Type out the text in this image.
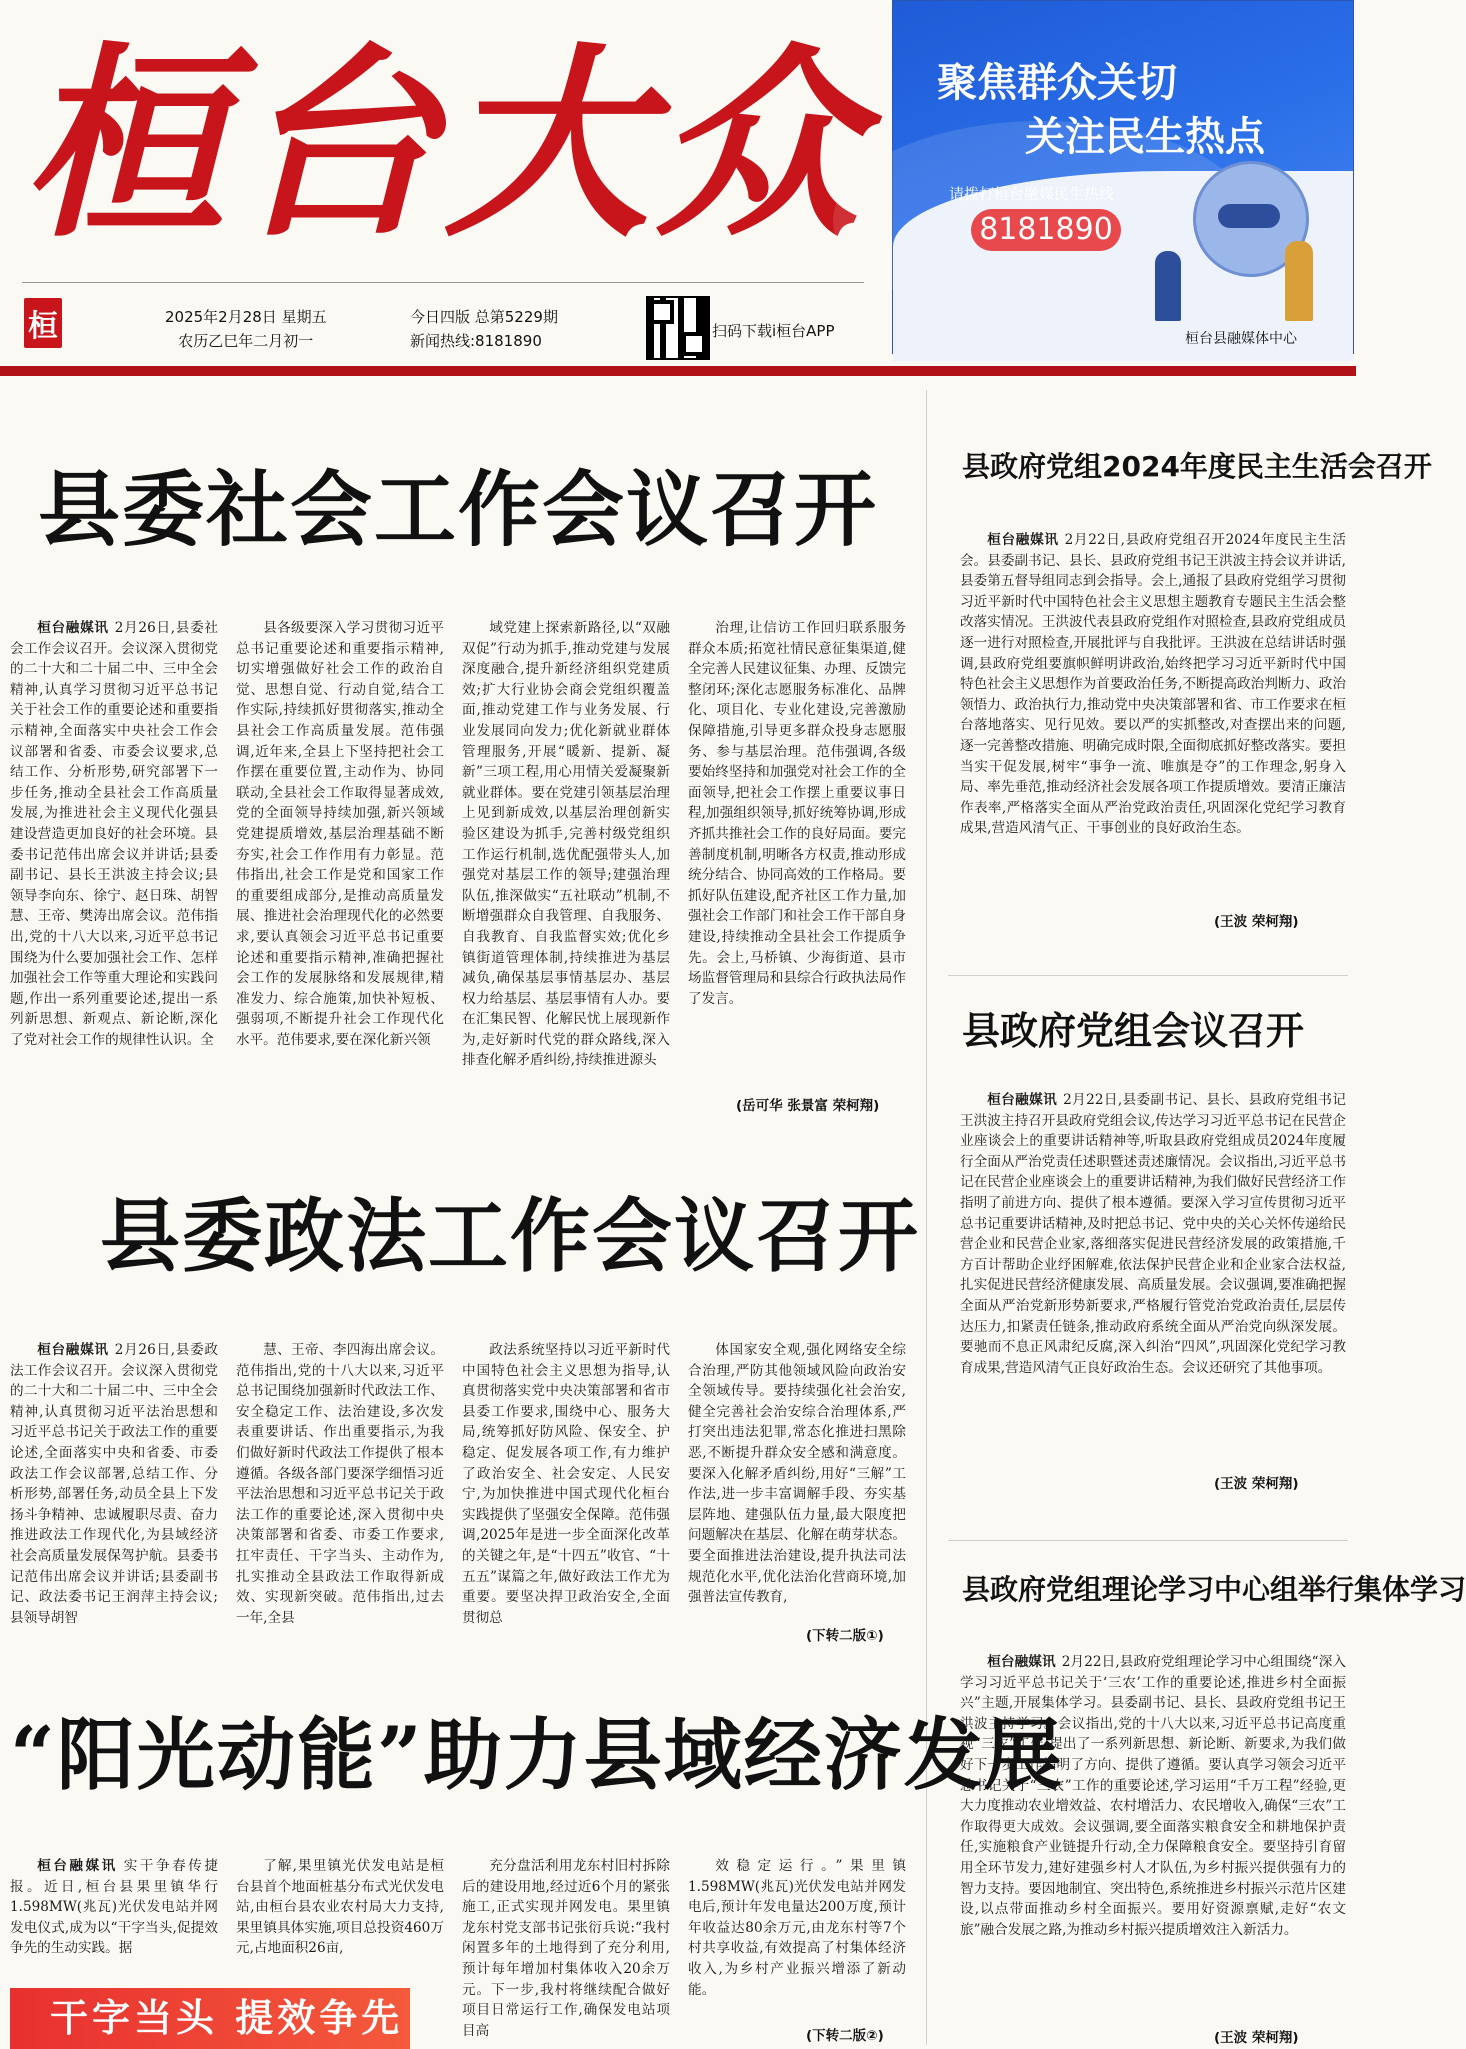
桓台大众
桓	2025年2月28日 星期五
农历乙巳年二月初一
今日四版 总第5229期
新闻热线:8181890
扫码下载i桓台APP
聚焦群众关切
关注民生热点
请拨打桓台融媒民生热线
8181890
桓台县融媒体中心
县委社会工作会议召开
桓台融媒讯 2月26日,县委社会工作会议召开。会议深入贯彻党的二十大和二十届二中、三中全会精神,认真学习贯彻习近平总书记关于社会工作的重要论述和重要指示精神,全面落实中央社会工作会议部署和省委、市委会议要求,总结工作、分析形势,研究部署下一步任务,推动全县社会工作高质量发展,为推进社会主义现代化强县建设营造更加良好的社会环境。县委书记范伟出席会议并讲话;县委副书记、县长王洪波主持会议;县领导李向东、徐宁、赵日珠、胡智慧、王帝、樊涛出席会议。范伟指出,党的十八大以来,习近平总书记围绕为什么要加强社会工作、怎样加强社会工作等重大理论和实践问题,作出一系列重要论述,提出一系列新思想、新观点、新论断,深化了党对社会工作的规律性认识。全
县各级要深入学习贯彻习近平总书记重要论述和重要指示精神,切实增强做好社会工作的政治自觉、思想自觉、行动自觉,结合工作实际,持续抓好贯彻落实,推动全县社会工作高质量发展。范伟强调,近年来,全县上下坚持把社会工作摆在重要位置,主动作为、协同联动,全县社会工作取得显著成效,党的全面领导持续加强,新兴领域党建提质增效,基层治理基础不断夯实,社会工作作用有力彰显。范伟指出,社会工作是党和国家工作的重要组成部分,是推动高质量发展、推进社会治理现代化的必然要求,要认真领会习近平总书记重要论述和重要指示精神,准确把握社会工作的发展脉络和发展规律,精准发力、综合施策,加快补短板、强弱项,不断提升社会工作现代化水平。范伟要求,要在深化新兴领
域党建上探索新路径,以“双融双促”行动为抓手,推动党建与发展深度融合,提升新经济组织党建质效;扩大行业协会商会党组织覆盖面,推动党建工作与业务发展、行业发展同向发力;优化新就业群体管理服务,开展“暖新、提新、凝新”三项工程,用心用情关爱凝聚新就业群体。要在党建引领基层治理上见到新成效,以基层治理创新实验区建设为抓手,完善村级党组织工作运行机制,选优配强带头人,加强党对基层工作的领导;建强治理队伍,推深做实“五社联动”机制,不断增强群众自我管理、自我服务、自我教育、自我监督实效;优化乡镇街道管理体制,持续推进为基层减负,确保基层事情基层办、基层权力给基层、基层事情有人办。要在汇集民智、化解民忧上展现新作为,走好新时代党的群众路线,深入排查化解矛盾纠纷,持续推进源头
治理,让信访工作回归联系服务群众本质;拓宽社情民意征集渠道,健全完善人民建议征集、办理、反馈完整闭环;深化志愿服务标准化、品牌化、项目化、专业化建设,完善激励保障措施,引导更多群众投身志愿服务、参与基层治理。范伟强调,各级要始终坚持和加强党对社会工作的全面领导,把社会工作摆上重要议事日程,加强组织领导,抓好统筹协调,形成齐抓共推社会工作的良好局面。要完善制度机制,明晰各方权责,推动形成统分结合、协同高效的工作格局。要抓好队伍建设,配齐社区工作力量,加强社会工作部门和社会工作干部自身建设,持续推动全县社会工作提质争先。会上,马桥镇、少海街道、县市场监督管理局和县综合行政执法局作了发言。
(岳可华 张景富 荣柯翔)
县委政法工作会议召开
桓台融媒讯 2月26日,县委政法工作会议召开。会议深入贯彻党的二十大和二十届二中、三中全会精神,认真贯彻习近平法治思想和习近平总书记关于政法工作的重要论述,全面落实中央和省委、市委政法工作会议部署,总结工作、分析形势,部署任务,动员全县上下发扬斗争精神、忠诚履职尽责、奋力推进政法工作现代化,为县域经济社会高质量发展保驾护航。县委书记范伟出席会议并讲话;县委副书记、政法委书记王润萍主持会议;县领导胡智
慧、王帝、李四海出席会议。范伟指出,党的十八大以来,习近平总书记围绕加强新时代政法工作、安全稳定工作、法治建设,多次发表重要讲话、作出重要指示,为我们做好新时代政法工作提供了根本遵循。各级各部门要深学细悟习近平法治思想和习近平总书记关于政法工作的重要论述,深入贯彻中央决策部署和省委、市委工作要求,扛牢责任、干字当头、主动作为,扎实推动全县政法工作取得新成效、实现新突破。范伟指出,过去一年,全县
政法系统坚持以习近平新时代中国特色社会主义思想为指导,认真贯彻落实党中央决策部署和省市县委工作要求,围绕中心、服务大局,统筹抓好防风险、保安全、护稳定、促发展各项工作,有力维护了政治安全、社会安定、人民安宁,为加快推进中国式现代化桓台实践提供了坚强安全保障。范伟强调,2025年是进一步全面深化改革的关键之年,是“十四五”收官、“十五五”谋篇之年,做好政法工作尤为重要。要坚决捍卫政治安全,全面贯彻总
体国家安全观,强化网络安全综合治理,严防其他领域风险向政治安全领域传导。要持续强化社会治安,健全完善社会治安综合治理体系,严打突出违法犯罪,常态化推进扫黑除恶,不断提升群众安全感和满意度。要深入化解矛盾纠纷,用好“三解”工作法,进一步丰富调解手段、夯实基层阵地、建强队伍力量,最大限度把问题解决在基层、化解在萌芽状态。要全面推进法治建设,提升执法司法规范化水平,优化法治化营商环境,加强普法宣传教育,
(下转二版①)
“阳光动能”助力县域经济发展
桓台融媒讯 实干争春传捷报。近日,桓台县果里镇华行1.598MW(兆瓦)光伏发电站并网发电仪式,成为以“干字当头,促提效争先的生动实践。据
了解,果里镇光伏发电站是桓台县首个地面桩基分布式光伏发电站,由桓台县农业农村局大力支持,果里镇具体实施,项目总投资460万元,占地面积26亩,
充分盘活利用龙东村旧村拆除后的建设用地,经过近6个月的紧张施工,正式实现并网发电。果里镇龙东村党支部书记张衍兵说:“我村闲置多年的土地得到了充分利用,预计每年增加村集体收入20余万元。下一步,我村将继续配合做好项目日常运行工作,确保发电站项目高
效稳定运行。”果里镇1.598MW(兆瓦)光伏发电站并网发电后,预计年发电量达200万度,预计年收益达80余万元,由龙东村等7个村共享收益,有效提高了村集体经济收入,为乡村产业振兴增添了新动能。
(下转二版②)
县政府党组2024年度民主生活会召开
桓台融媒讯 2月22日,县政府党组召开2024年度民主生活会。县委副书记、县长、县政府党组书记王洪波主持会议并讲话,县委第五督导组同志到会指导。会上,通报了县政府党组学习贯彻习近平新时代中国特色社会主义思想主题教育专题民主生活会整改落实情况。王洪波代表县政府党组作对照检查,县政府党组成员逐一进行对照检查,开展批评与自我批评。王洪波在总结讲话时强调,县政府党组要旗帜鲜明讲政治,始终把学习习近平新时代中国特色社会主义思想作为首要政治任务,不断提高政治判断力、政治领悟力、政治执行力,推动党中央决策部署和省、市工作要求在桓台落地落实、见行见效。要以严的实抓整改,对查摆出来的问题,逐一完善整改措施、明确完成时限,全面彻底抓好整改落实。要担当实干促发展,树牢“事争一流、唯旗是夺”的工作理念,躬身入局、率先垂范,推动经济社会发展各项工作提质增效。要清正廉洁作表率,严格落实全面从严治党政治责任,巩固深化党纪学习教育成果,营造风清气正、干事创业的良好政治生态。
(王波 荣柯翔)
县政府党组会议召开
桓台融媒讯 2月22日,县委副书记、县长、县政府党组书记王洪波主持召开县政府党组会议,传达学习习近平总书记在民营企业座谈会上的重要讲话精神等,听取县政府党组成员2024年度履行全面从严治党责任述职暨述责述廉情况。会议指出,习近平总书记在民营企业座谈会上的重要讲话精神,为我们做好民营经济工作指明了前进方向、提供了根本遵循。要深入学习宣传贯彻习近平总书记重要讲话精神,及时把总书记、党中央的关心关怀传递给民营企业和民营企业家,落细落实促进民营经济发展的政策措施,千方百计帮助企业纾困解难,依法保护民营企业和企业家合法权益,扎实促进民营经济健康发展、高质量发展。会议强调,要准确把握全面从严治党新形势新要求,严格履行管党治党政治责任,层层传达压力,扣紧责任链条,推动政府系统全面从严治党向纵深发展。要驰而不息正风肃纪反腐,深入纠治“四风”,巩固深化党纪学习教育成果,营造风清气正良好政治生态。会议还研究了其他事项。
(王波 荣柯翔)
县政府党组理论学习中心组举行集体学习
桓台融媒讯 2月22日,县政府党组理论学习中心组围绕“深入学习习近平总书记关于‘三农’工作的重要论述,推进乡村全面振兴”主题,开展集体学习。县委副书记、县长、县政府党组书记王洪波主持学习。会议指出,党的十八大以来,习近平总书记高度重视“三农”工作,提出了一系列新思想、新论断、新要求,为我们做好下一步工作指明了方向、提供了遵循。要认真学习领会习近平总书记关于“三农”工作的重要论述,学习运用“千万工程”经验,更大力度推动农业增效益、农村增活力、农民增收入,确保“三农”工作取得更大成效。会议强调,要全面落实粮食安全和耕地保护责任,实施粮食产业链提升行动,全力保障粮食安全。要坚持引育留用全环节发力,建好建强乡村人才队伍,为乡村振兴提供强有力的智力支持。要因地制宜、突出特色,系统推进乡村振兴示范片区建设,以点带面推动乡村全面振兴。要用好资源禀赋,走好“农文旅”融合发展之路,为推动乡村振兴提质增效注入新活力。
(王波 荣柯翔)
干字当头 提效争先
